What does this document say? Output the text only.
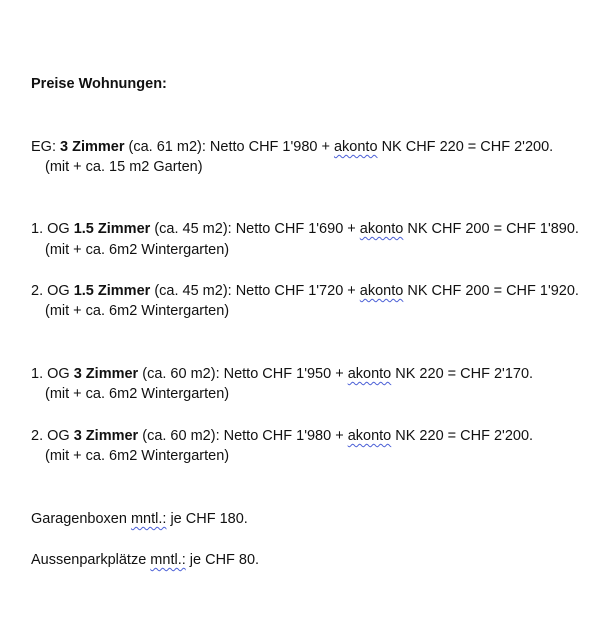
Preise Wohnungen:
EG: 3 Zimmer (ca. 61 m2): Netto CHF 1'980 + akonto NK CHF 220 = CHF 2'200.
(mit + ca. 15 m2 Garten)
1. OG 1.5 Zimmer (ca. 45 m2): Netto CHF 1'690 + akonto NK CHF 200 = CHF 1'890.
(mit + ca. 6m2 Wintergarten)
2. OG 1.5 Zimmer (ca. 45 m2): Netto CHF 1'720 + akonto NK CHF 200 = CHF 1'920.
(mit + ca. 6m2 Wintergarten)
1. OG 3 Zimmer (ca. 60 m2): Netto CHF 1'950 + akonto NK 220 = CHF 2'170.
(mit + ca. 6m2 Wintergarten)
2. OG 3 Zimmer (ca. 60 m2): Netto CHF 1'980 + akonto NK 220 = CHF 2'200.
(mit + ca. 6m2 Wintergarten)
Garagenboxen mntl.: je CHF 180.
Aussenparkplätze mntl.: je CHF 80.
